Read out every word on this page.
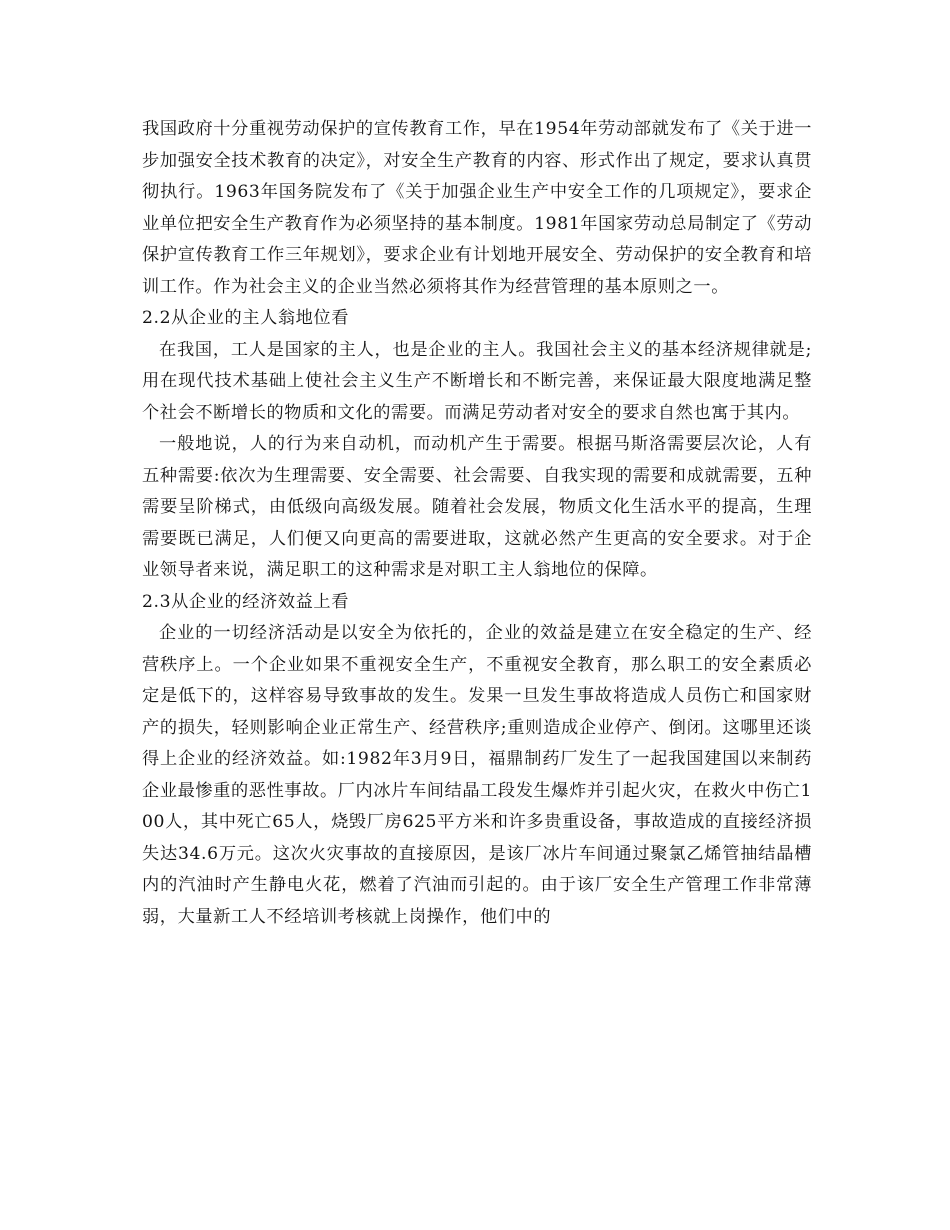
我国政府十分重视劳动保护的宣传教育工作，早在1954年劳动部就发布了《关于进一步加强安全技术教育的决定》，对安全生产教育的内容、形式作出了规定，要求认真贯彻执行。1963年国务院发布了《关于加强企业生产中安全工作的几项规定》，要求企业单位把安全生产教育作为必须坚持的基本制度。1981年国家劳动总局制定了《劳动保护宣传教育工作三年规划》，要求企业有计划地开展安全、劳动保护的安全教育和培训工作。作为社会主义的企业当然必须将其作为经营管理的基本原则之一。

2.2从企业的主人翁地位看

在我国，工人是国家的主人，也是企业的主人。我国社会主义的基本经济规律就是;用在现代技术基础上使社会主义生产不断增长和不断完善，来保证最大限度地满足整个社会不断增长的物质和文化的需要。而满足劳动者对安全的要求自然也寓于其内。

一般地说，人的行为来自动机，而动机产生于需要。根据马斯洛需要层次论，人有五种需要:依次为生理需要、安全需要、社会需要、自我实现的需要和成就需要，五种需要呈阶梯式，由低级向高级发展。随着社会发展，物质文化生活水平的提高，生理需要既已满足，人们便又向更高的需要进取，这就必然产生更高的安全要求。对于企业领导者来说，满足职工的这种需求是对职工主人翁地位的保障。

2.3从企业的经济效益上看

企业的一切经济活动是以安全为依托的，企业的效益是建立在安全稳定的生产、经营秩序上。一个企业如果不重视安全生产，不重视安全教育，那么职工的安全素质必定是低下的，这样容易导致事故的发生。发果一旦发生事故将造成人员伤亡和国家财产的损失，轻则影响企业正常生产、经营秩序;重则造成企业停产、倒闭。这哪里还谈得上企业的经济效益。如:1982年3月9日，福鼎制药厂发生了一起我国建国以来制药企业最惨重的恶性事故。厂内冰片车间结晶工段发生爆炸并引起火灾，在救火中伤亡100人，其中死亡65人，烧毁厂房625平方米和许多贵重设备，事故造成的直接经济损失达34.6万元。这次火灾事故的直接原因，是该厂冰片车间通过聚氯乙烯管抽结晶槽内的汽油时产生静电火花，燃着了汽油而引起的。由于该厂安全生产管理工作非常薄弱，大量新工人不经培训考核就上岗操作，他们中的
